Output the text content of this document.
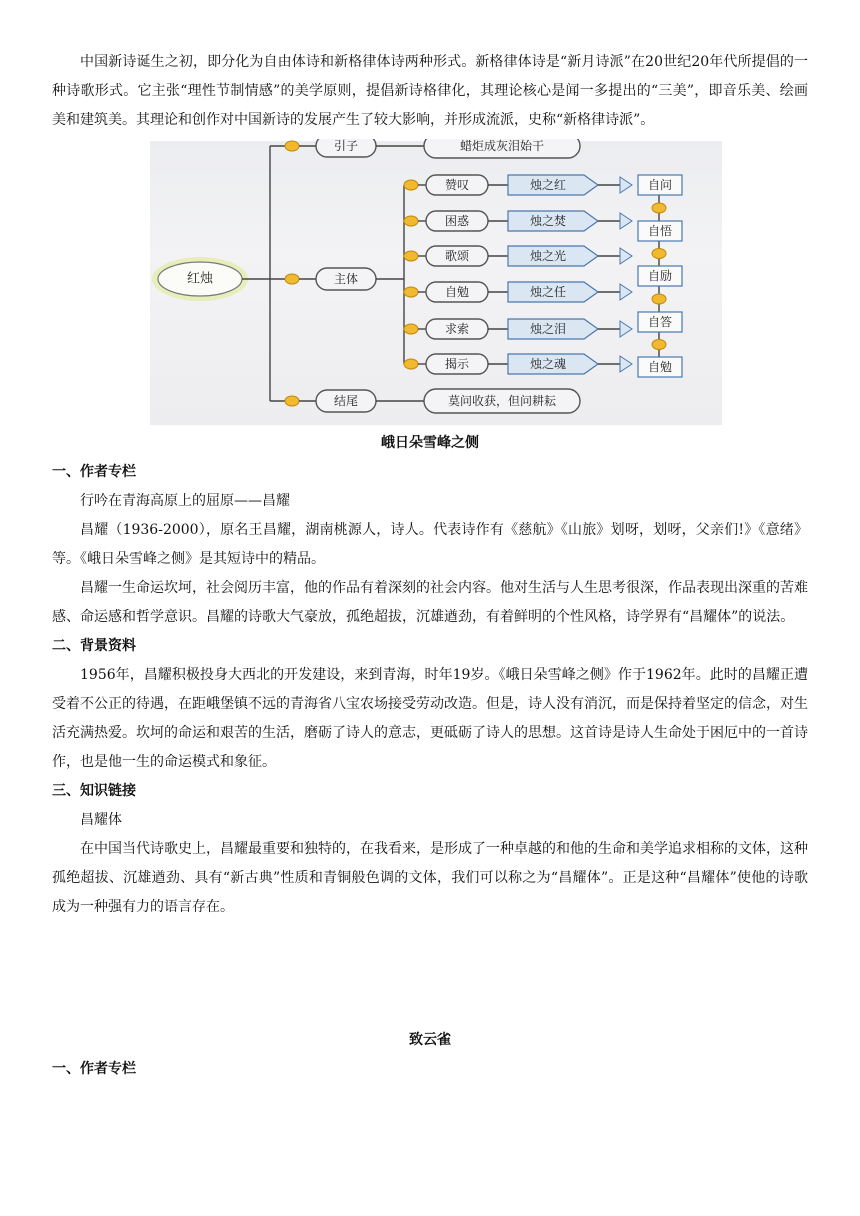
中国新诗诞生之初，即分化为自由体诗和新格律体诗两种形式。新格律体诗是“新月诗派”在20世纪20年代所提倡的一种诗歌形式。它主张“理性节制情感”的美学原则，提倡新诗格律化，其理论核心是闻一多提出的“三美”，即音乐美、绘画美和建筑美。其理论和创作对中国新诗的发展产生了较大影响，并形成流派，史称“新格律诗派”。

红烛
引子	蜡炬成灰泪始干
主体
结尾	莫问收获，但问耕耘
赞叹	烛之红
困惑	烛之焚
歌颂	烛之光
自勉	烛之任
求索	烛之泪
揭示	烛之魂
自问
自悟
自励
自答
自勉

峨日朵雪峰之侧

一、作者专栏

行吟在青海高原上的屈原——昌耀

昌耀（1936-2000），原名王昌耀，湖南桃源人，诗人。代表诗作有《慈航》《山旅》划呀，划呀，父亲们!》《意绪》等。《峨日朵雪峰之侧》是其短诗中的精品。

昌耀一生命运坎坷，社会阅历丰富，他的作品有着深刻的社会内容。他对生活与人生思考很深，作品表现出深重的苦难感、命运感和哲学意识。昌耀的诗歌大气豪放，孤绝超拔，沉雄遒劲，有着鲜明的个性风格，诗学界有“昌耀体”的说法。

二、背景资料

1956年，昌耀积极投身大西北的开发建设，来到青海，时年19岁。《峨日朵雪峰之侧》作于1962年。此时的昌耀正遭受着不公正的待遇，在距峨堡镇不远的青海省八宝农场接受劳动改造。但是，诗人没有消沉，而是保持着坚定的信念，对生活充满热爱。坎坷的命运和艰苦的生活，磨砺了诗人的意志，更砥砺了诗人的思想。这首诗是诗人生命处于困厄中的一首诗作，也是他一生的命运模式和象征。

三、知识链接

昌耀体

在中国当代诗歌史上，昌耀最重要和独特的，在我看来，是形成了一种卓越的和他的生命和美学追求相称的文体，这种孤绝超拔、沉雄遒劲、具有“新古典”性质和青铜般色调的文体，我们可以称之为“昌耀体”。正是这种“昌耀体”使他的诗歌成为一种强有力的语言存在。

致云雀

一、作者专栏
